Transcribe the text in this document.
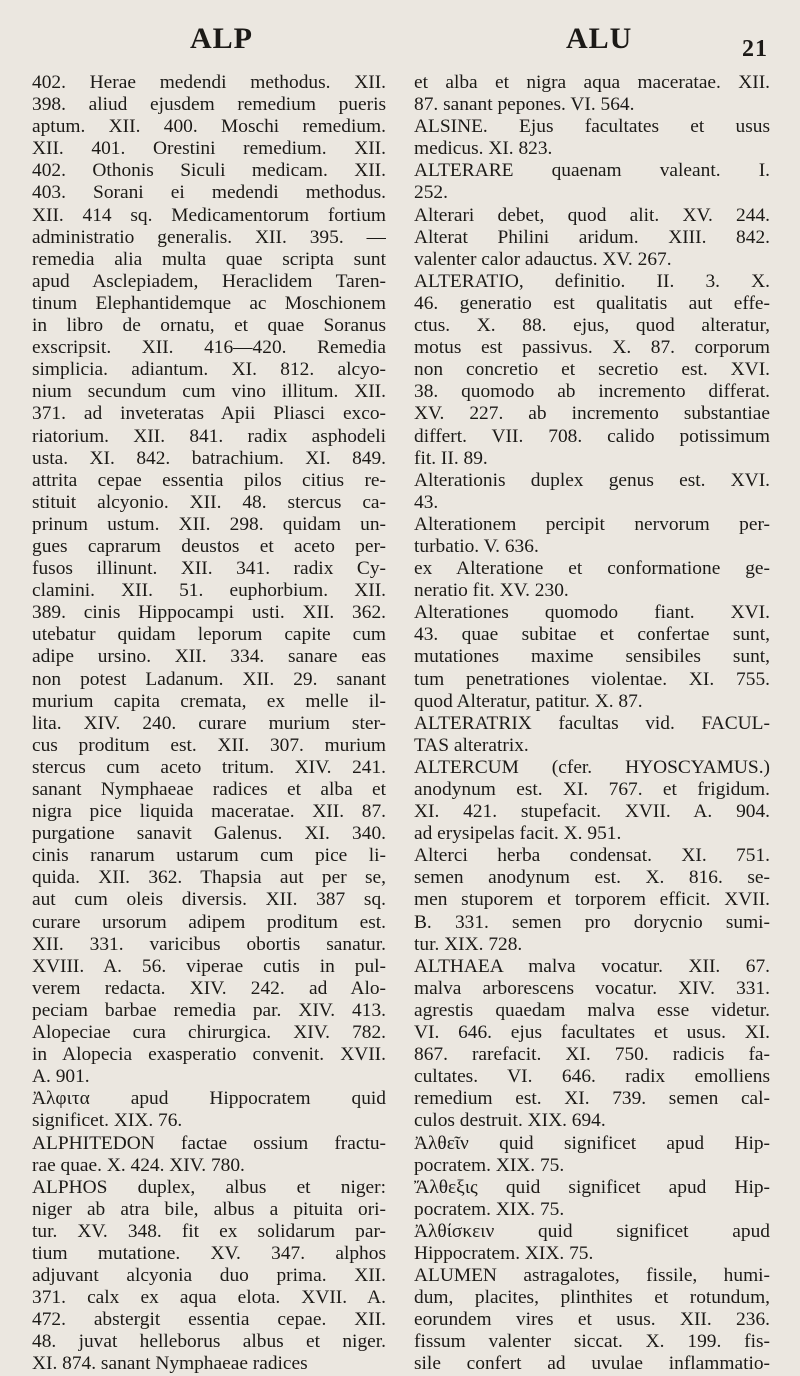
ALP	ALU	21
402. Herae medendi methodus. XII.
398. aliud ejusdem remedium pueris
aptum. XII. 400. Moschi remedium.
XII. 401. Orestini remedium. XII.
402. Othonis Siculi medicam. XII.
403. Sorani ei medendi methodus.
XII. 414 sq. Medicamentorum fortium
administratio generalis. XII. 395. —
remedia alia multa quae scripta sunt
apud Asclepiadem, Heraclidem Taren-
tinum Elephantidemque ac Moschionem
in libro de ornatu, et quae Soranus
exscripsit. XII. 416—420. Remedia
simplicia. adiantum. XI. 812. alcyo-
nium secundum cum vino illitum. XII.
371. ad inveteratas Apii Pliasci exco-
riatorium. XII. 841. radix asphodeli
usta. XI. 842. batrachium. XI. 849.
attrita cepae essentia pilos citius re-
stituit alcyonio. XII. 48. stercus ca-
prinum ustum. XII. 298. quidam un-
gues caprarum deustos et aceto per-
fusos illinunt. XII. 341. radix Cy-
clamini. XII. 51. euphorbium. XII.
389. cinis Hippocampi usti. XII. 362.
utebatur quidam leporum capite cum
adipe ursino. XII. 334. sanare eas
non potest Ladanum. XII. 29. sanant
murium capita cremata, ex melle il-
lita. XIV. 240. curare murium ster-
cus proditum est. XII. 307. murium
stercus cum aceto tritum. XIV. 241.
sanant Nymphaeae radices et alba et
nigra pice liquida maceratae. XII. 87.
purgatione sanavit Galenus. XI. 340.
cinis ranarum ustarum cum pice li-
quida. XII. 362. Thapsia aut per se,
aut cum oleis diversis. XII. 387 sq.
curare ursorum adipem proditum est.
XII. 331. varicibus obortis sanatur.
XVIII. A. 56. viperae cutis in pul-
verem redacta. XIV. 242. ad Alo-
peciam barbae remedia par. XIV. 413.
Alopeciae cura chirurgica. XIV. 782.
in Alopecia exasperatio convenit. XVII.
A. 901.
Ἀλφιτα apud Hippocratem quid
significet. XIX. 76.
ALPHITEDON factae ossium fractu-
rae quae. X. 424. XIV. 780.
ALPHOS duplex, albus et niger:
niger ab atra bile, albus a pituita ori-
tur. XV. 348. fit ex solidarum par-
tium mutatione. XV. 347. alphos
adjuvant alcyonia duo prima. XII.
371. calx ex aqua elota. XVII. A.
472. abstergit essentia cepae. XII.
48. juvat helleborus albus et niger.
XI. 874. sanant Nymphaeae radices
et alba et nigra aqua maceratae. XII.
87. sanant pepones. VI. 564.
ALSINE. Ejus facultates et usus
medicus. XI. 823.
ALTERARE quaenam valeant. I.
252.
Alterari debet, quod alit. XV. 244.
Alterat Philini aridum. XIII. 842.
valenter calor adauctus. XV. 267.
ALTERATIO, definitio. II. 3. X.
46. generatio est qualitatis aut effe-
ctus. X. 88. ejus, quod alteratur,
motus est passivus. X. 87. corporum
non concretio et secretio est. XVI.
38. quomodo ab incremento differat.
XV. 227. ab incremento substantiae
differt. VII. 708. calido potissimum
fit. II. 89.
Alterationis duplex genus est. XVI.
43.
Alterationem percipit nervorum per-
turbatio. V. 636.
ex Alteratione et conformatione ge-
neratio fit. XV. 230.
Alterationes quomodo fiant. XVI.
43. quae subitae et confertae sunt,
mutationes maxime sensibiles sunt,
tum penetrationes violentae. XI. 755.
quod Alteratur, patitur. X. 87.
ALTERATRIX facultas vid. FACUL-
TAS alteratrix.
ALTERCUM (cfer. HYOSCYAMUS.)
anodynum est. XI. 767. et frigidum.
XI. 421. stupefacit. XVII. A. 904.
ad erysipelas facit. X. 951.
Alterci herba condensat. XI. 751.
semen anodynum est. X. 816. se-
men stuporem et torporem efficit. XVII.
B. 331. semen pro dorycnio sumi-
tur. XIX. 728.
ALTHAEA malva vocatur. XII. 67.
malva arborescens vocatur. XIV. 331.
agrestis quaedam malva esse videtur.
VI. 646. ejus facultates et usus. XI.
867. rarefacit. XI. 750. radicis fa-
cultates. VI. 646. radix emolliens
remedium est. XI. 739. semen cal-
culos destruit. XIX. 694.
Ἀλθεῖν quid significet apud Hip-
pocratem. XIX. 75.
Ἄλθεξις quid significet apud Hip-
pocratem. XIX. 75.
Ἀλθίσκειν quid significet apud
Hippocratem. XIX. 75.
ALUMEN astragalotes, fissile, humi-
dum, placites, plinthites et rotundum,
eorundem vires et usus. XII. 236.
fissum valenter siccat. X. 199. fis-
sile confert ad uvulae inflammatio-
